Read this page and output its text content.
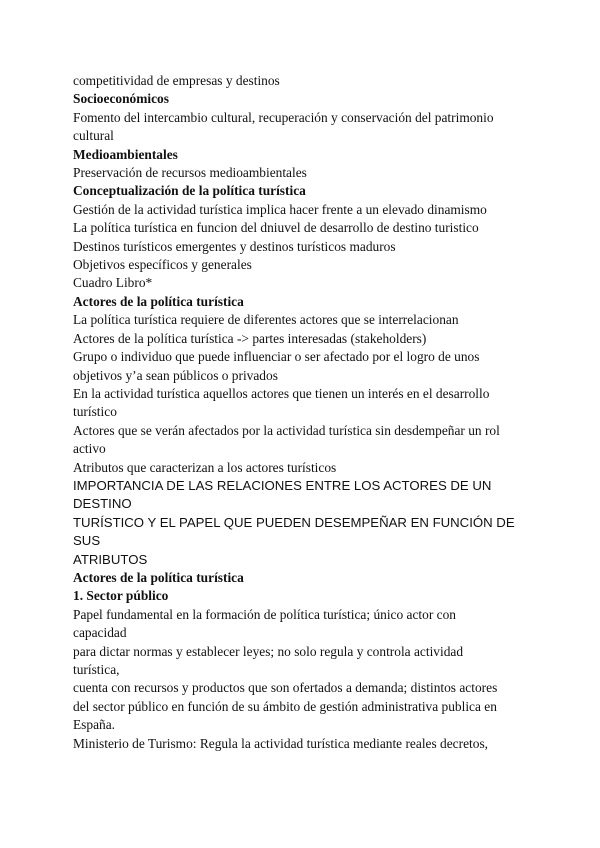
competitividad de empresas y destinos
Socioeconómicos
Fomento del intercambio cultural, recuperación y conservación del patrimonio
cultural
Medioambientales
Preservación de recursos medioambientales
Conceptualización de la política turística
Gestión de la actividad turística implica hacer frente a un elevado dinamismo
La política turística en funcion del dniuvel de desarrollo de destino turistico
Destinos turísticos emergentes y destinos turísticos maduros
Objetivos específicos y generales
Cuadro Libro*
Actores de la política turística
La política turística requiere de diferentes actores que se interrelacionan
Actores de la política turística -> partes interesadas (stakeholders)
Grupo o individuo que puede influenciar o ser afectado por el logro de unos
objetivos y’a sean públicos o privados
En la actividad turística aquellos actores que tienen un interés en el desarrollo
turístico
Actores que se verán afectados por la actividad turística sin desdempeñar un rol
activo
Atributos que caracterizan a los actores turísticos
IMPORTANCIA DE LAS RELACIONES ENTRE LOS ACTORES DE UN
DESTINO
TURÍSTICO Y EL PAPEL QUE PUEDEN DESEMPEÑAR EN FUNCIÓN DE
SUS
ATRIBUTOS
Actores de la política turística
1. Sector público
Papel fundamental en la formación de política turística; único actor con
capacidad
para dictar normas y establecer leyes; no solo regula y controla actividad
turística,
cuenta con recursos y productos que son ofertados a demanda; distintos actores
del sector público en función de su ámbito de gestión administrativa publica en
España.
Ministerio de Turismo: Regula la actividad turística mediante reales decretos,
